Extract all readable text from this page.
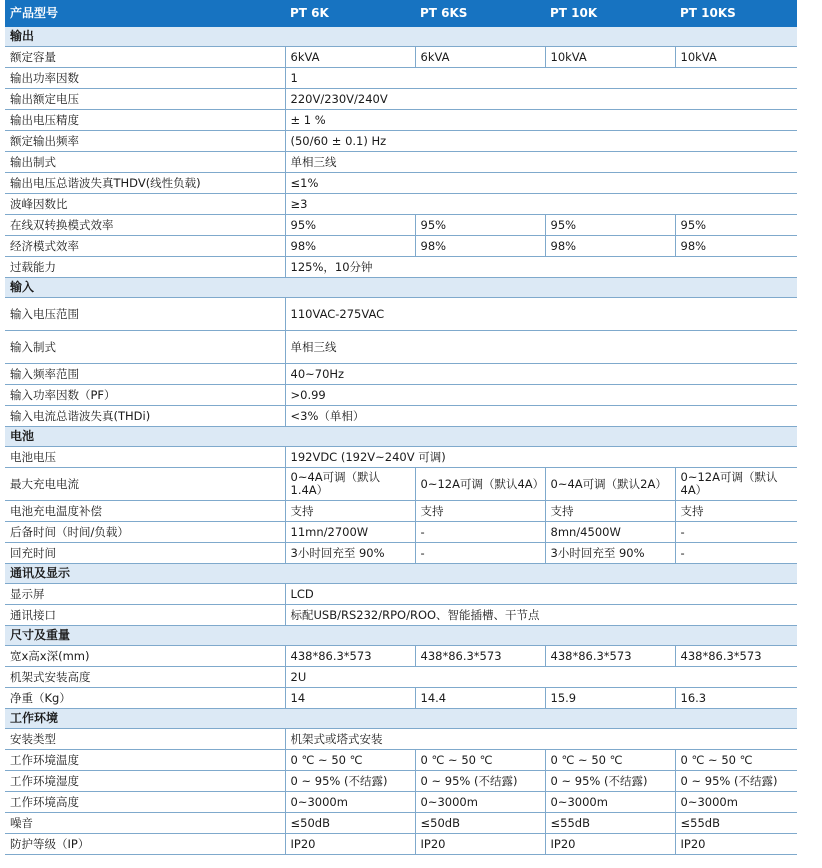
产品型号	PT 6K	PT 6KS	PT 10K	PT 10KS
输出				
额定容量	6kVA	6kVA	10kVA	10kVA
输出功率因数	1			
输出额定电压	220V/230V/240V			
输出电压精度	± 1 %			
额定输出频率	(50/60 ± 0.1) Hz			
输出制式	单相三线			
输出电压总谐波失真THDV(线性负载)	≤1%			
波峰因数比	≥3			
在线双转换模式效率	95%	95%	95%	95%
经济模式效率	98%	98%	98%	98%
过载能力	125%，10分钟			
输入				
输入电压范围	110VAC-275VAC			
输入制式	单相三线			
输入频率范围	40~70Hz			
输入功率因数（PF）	>0.99			
输入电流总谐波失真(THDi)	<3%（单相）			
电池				
电池电压	192VDC (192V~240V 可调)			
最大充电电流	0~4A可调（默认1.4A）	0~12A可调（默认4A）	0~4A可调（默认2A）	0~12A可调（默认4A）
电池充电温度补偿	支持	支持	支持	支持
后备时间（时间/负载）	11mn/2700W	-	8mn/4500W	-
回充时间	3小时回充至 90%	-	3小时回充至 90%	-
通讯及显示				
显示屏	LCD			
通讯接口	标配USB/RS232/RPO/ROO、智能插槽、干节点			
尺寸及重量				
宽x高x深(mm)	438*86.3*573	438*86.3*573	438*86.3*573	438*86.3*573
机架式安装高度	2U			
净重（Kg）	14	14.4	15.9	16.3
工作环境				
安装类型	机架式或塔式安装			
工作环境温度	0 ℃ ~ 50 ℃	0 ℃ ~ 50 ℃	0 ℃ ~ 50 ℃	0 ℃ ~ 50 ℃
工作环境湿度	0 ~ 95% (不结露)	0 ~ 95% (不结露)	0 ~ 95% (不结露)	0 ~ 95% (不结露)
工作环境高度	0~3000m	0~3000m	0~3000m	0~3000m
噪音	≤50dB	≤50dB	≤55dB	≤55dB
防护等级（IP）	IP20	IP20	IP20	IP20
